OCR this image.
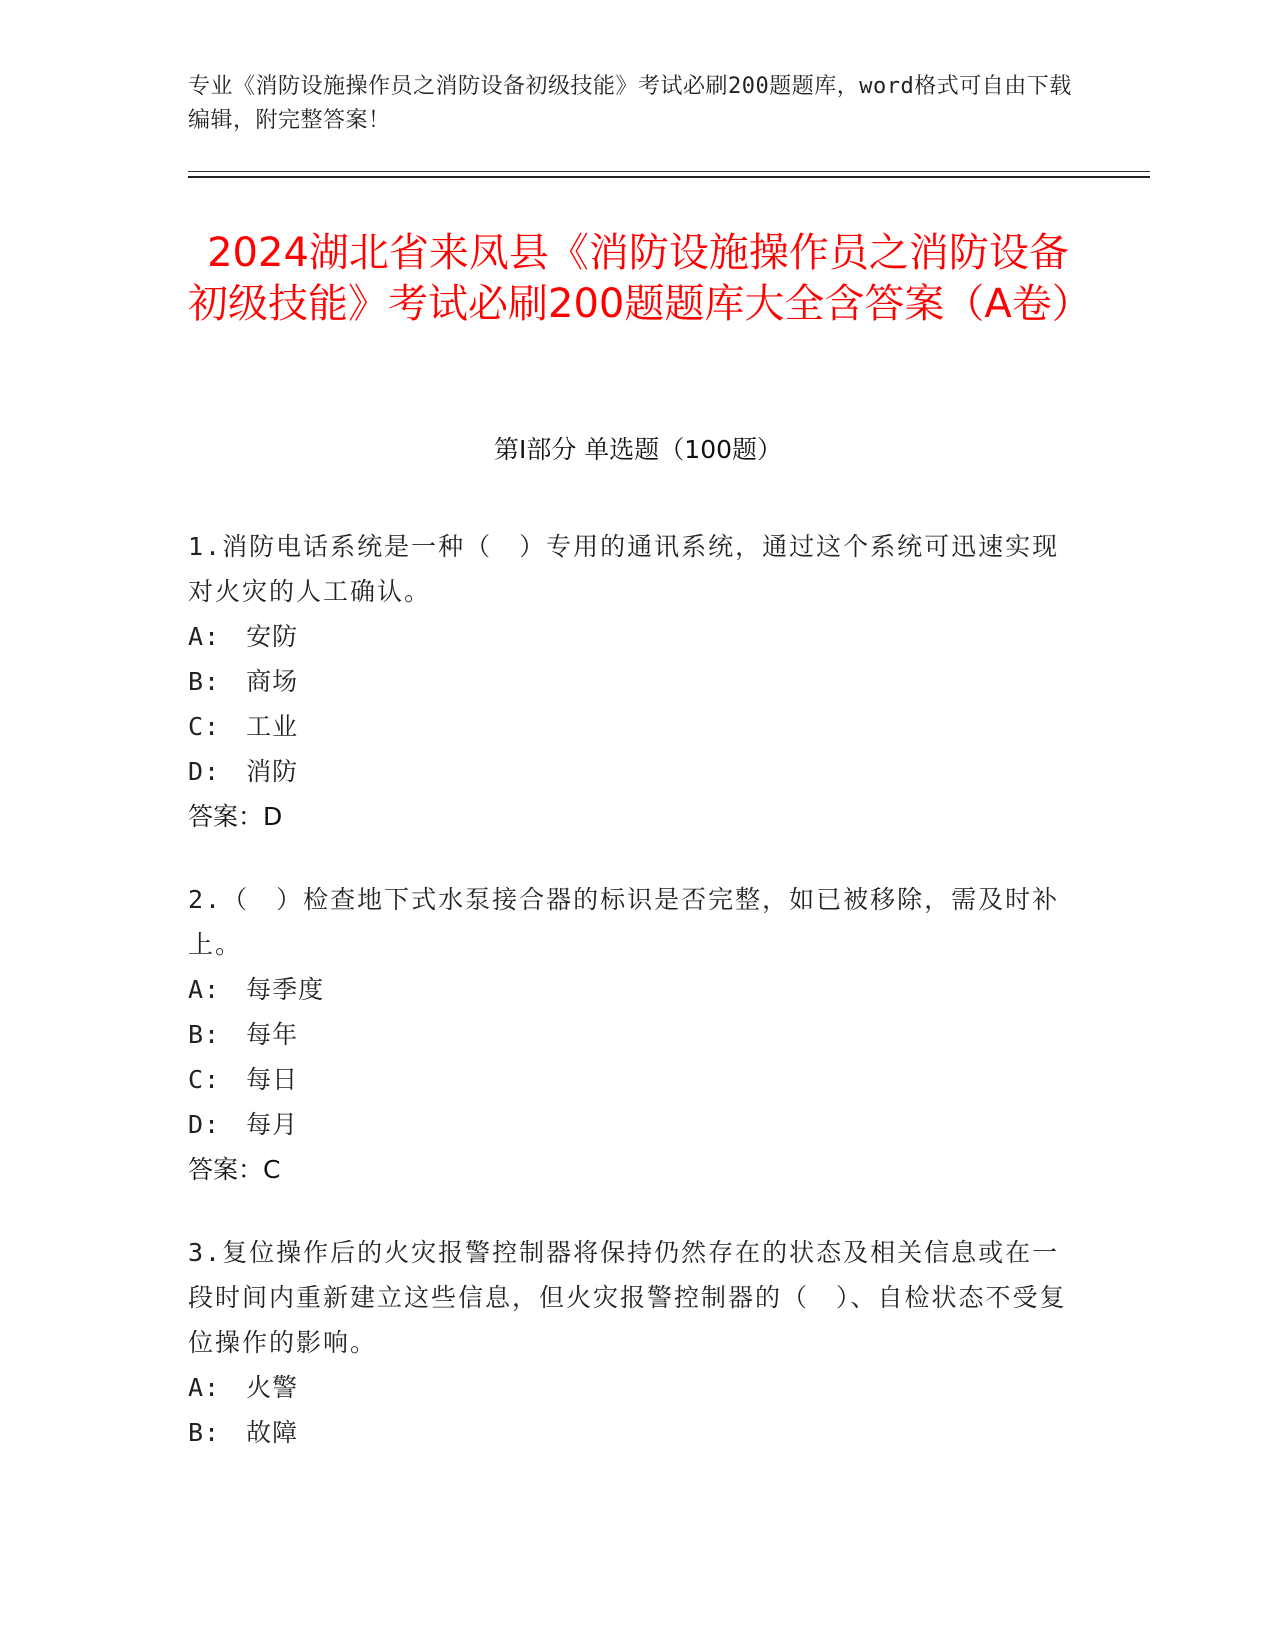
专业《消防设施操作员之消防设备初级技能》考试必刷200题题库，word格式可自由下载编辑，附完整答案！
2024湖北省来凤县《消防设施操作员之消防设备初级技能》考试必刷200题题库大全含答案（A卷）
第Ⅰ部分 单选题（100题）

1.消防电话系统是一种（　）专用的通讯系统，通过这个系统可迅速实现对火灾的人工确认。

A:　安防

B:　商场

C:　工业

D:　消防

答案：D

2.（　）检查地下式水泵接合器的标识是否完整，如已被移除，需及时补上。

A:　每季度

B:　每年

C:　每日

D:　每月

答案：C

3.复位操作后的火灾报警控制器将保持仍然存在的状态及相关信息或在一段时间内重新建立这些信息，但火灾报警控制器的（　）、自检状态不受复位操作的影响。

A:　火警

B:　故障
